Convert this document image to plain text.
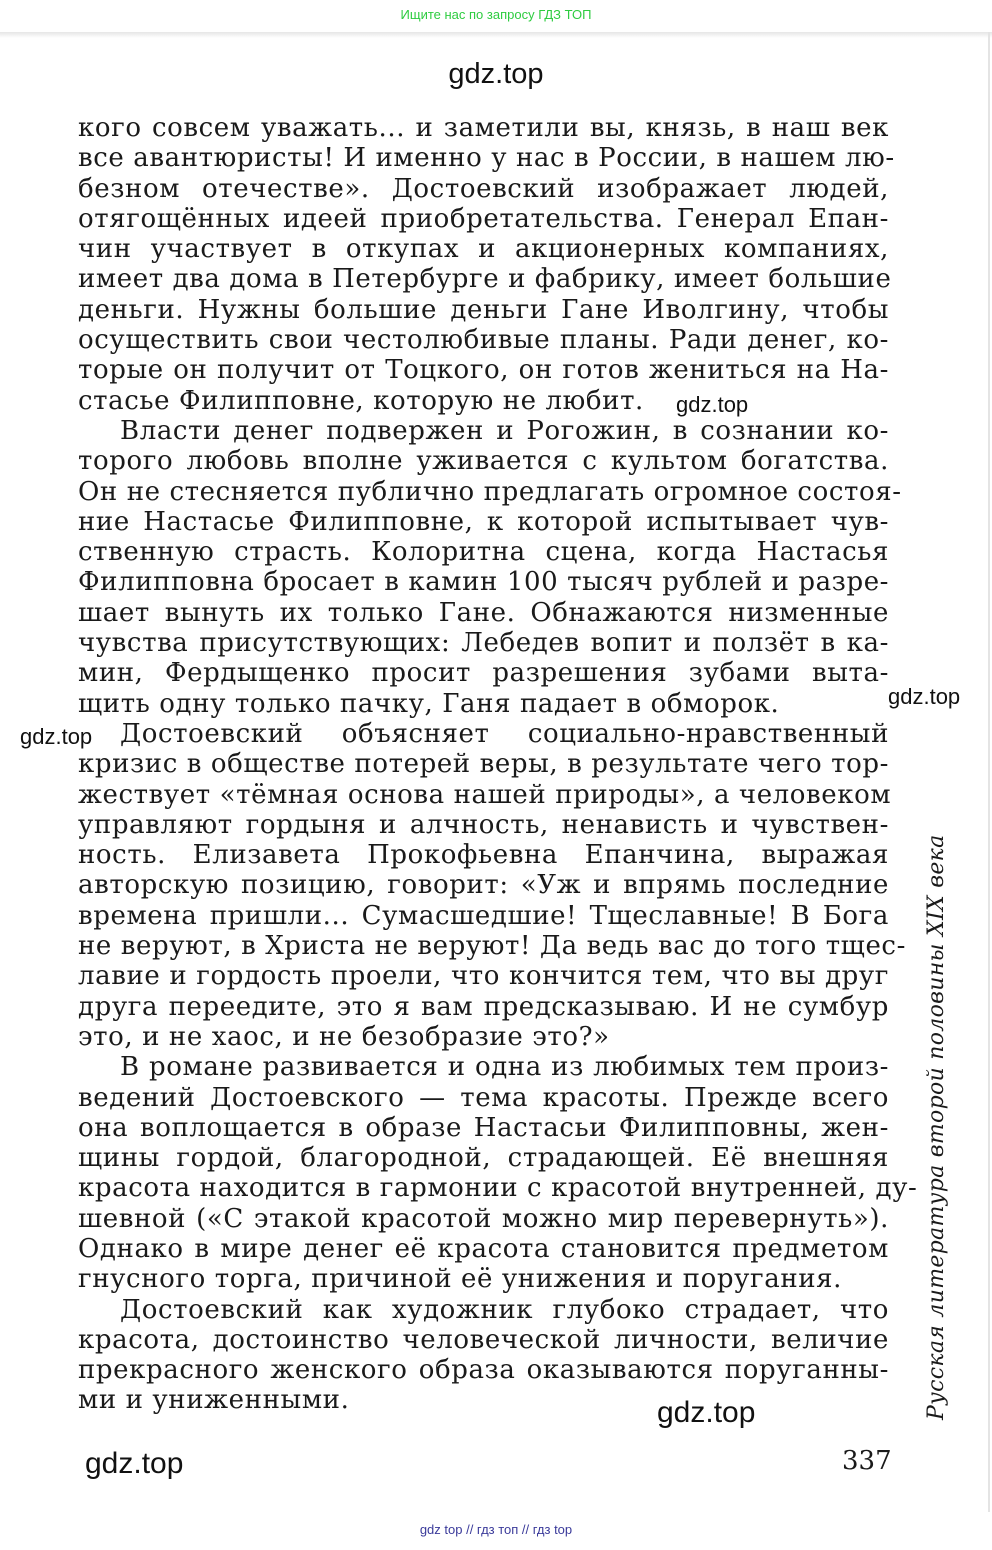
Ищите нас по запросу ГДЗ ТОП
gdz.top
кого совсем уважать... и заметили вы, князь, в наш век
все авантюристы! И именно у нас в России, в нашем лю-
безном отечестве». Достоевский изображает людей,
отягощённых идеей приобретательства. Генерал Епан-
чин участвует в откупах и акционерных компаниях,
имеет два дома в Петербурге и фабрику, имеет большие
деньги. Нужны большие деньги Гане Иволгину, чтобы
осуществить свои честолюбивые планы. Ради денег, ко-
торые он получит от Тоцкого, он готов жениться на На-
стасье Филипповне, которую не любит.
Власти денег подвержен и Рогожин, в сознании ко-
торого любовь вполне уживается с культом богатства.
Он не стесняется публично предлагать огромное состоя-
ние Настасье Филипповне, к которой испытывает чув-
ственную страсть. Колоритна сцена, когда Настасья
Филипповна бросает в камин 100 тысяч рублей и разре-
шает вынуть их только Гане. Обнажаются низменные
чувства присутствующих: Лебедев вопит и ползёт в ка-
мин, Фердыщенко просит разрешения зубами выта-
щить одну только пачку, Ганя падает в обморок.
Достоевский объясняет социально-нравственный
кризис в обществе потерей веры, в результате чего тор-
жествует «тёмная основа нашей природы», а человеком
управляют гордыня и алчность, ненависть и чувствен-
ность. Елизавета Прокофьевна Епанчина, выражая
авторскую позицию, говорит: «Уж и впрямь последние
времена пришли... Сумасшедшие! Тщеславные! В Бога
не веруют, в Христа не веруют! Да ведь вас до того тщес-
лавие и гордость проели, что кончится тем, что вы друг
друга переедите, это я вам предсказываю. И не сумбур
это, и не хаос, и не безобразие это?»
В романе развивается и одна из любимых тем произ-
ведений Достоевского — тема красоты. Прежде всего
она воплощается в образе Настасьи Филипповны, жен-
щины гордой, благородной, страдающей. Её внешняя
красота находится в гармонии с красотой внутренней, ду-
шевной («С этакой красотой можно мир перевернуть»).
Однако в мире денег её красота становится предметом
гнусного торга, причиной её унижения и поругания.
Достоевский как художник глубоко страдает, что
красота, достоинство человеческой личности, величие
прекрасного женского образа оказываются поруганны-
ми и униженными.
gdz.top
gdz.top
gdz.top
gdz.top
gdz.top
Русская литература второй половины XIX века
337
gdz top // гдз топ // гдз top
